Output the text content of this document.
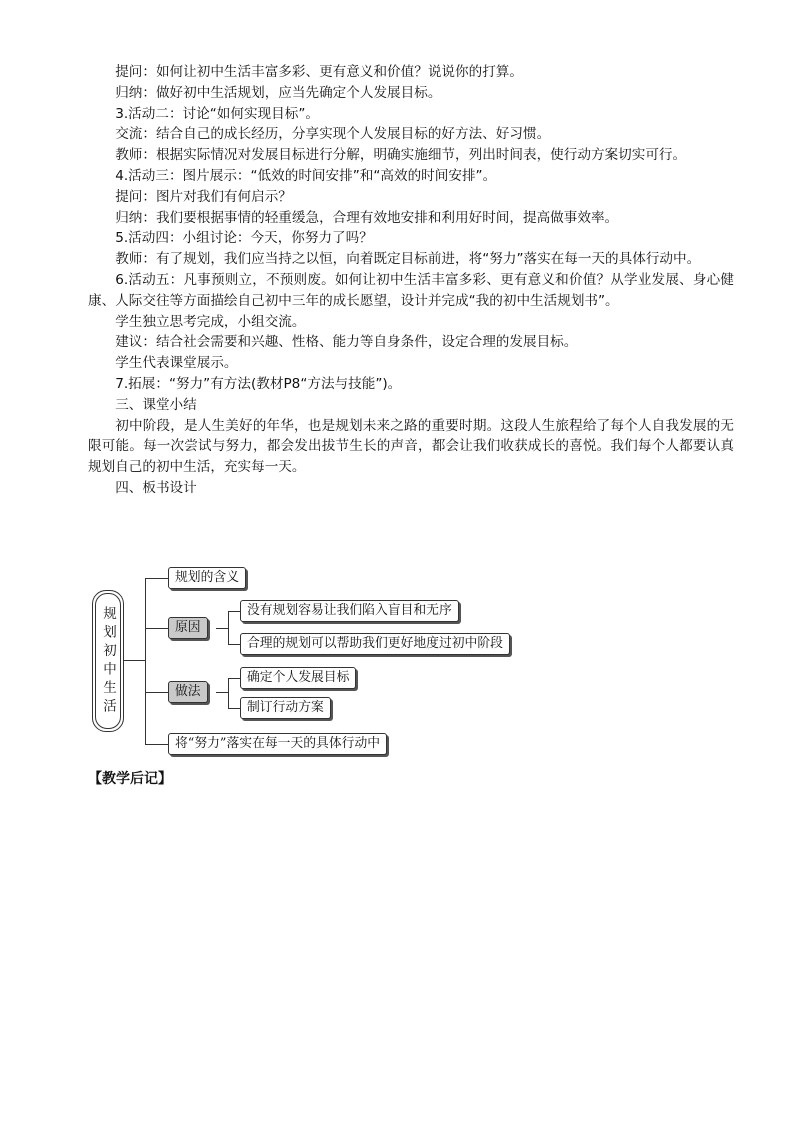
提问：如何让初中生活丰富多彩、更有意义和价值？说说你的打算。

归纳：做好初中生活规划，应当先确定个人发展目标。

3.活动二：讨论“如何实现目标”。

交流：结合自己的成长经历，分享实现个人发展目标的好方法、好习惯。

教师：根据实际情况对发展目标进行分解，明确实施细节，列出时间表，使行动方案切实可行。

4.活动三：图片展示：“低效的时间安排”和“高效的时间安排”。

提问：图片对我们有何启示？

归纳：我们要根据事情的轻重缓急，合理有效地安排和利用好时间，提高做事效率。

5.活动四：小组讨论：今天，你努力了吗？

教师：有了规划，我们应当持之以恒，向着既定目标前进，将“努力”落实在每一天的具体行动中。

6.活动五：凡事预则立，不预则废。如何让初中生活丰富多彩、更有意义和价值？从学业发展、身心健康、人际交往等方面描绘自己初中三年的成长愿望，设计并完成“我的初中生活规划书”。

学生独立思考完成，小组交流。

建议：结合社会需要和兴趣、性格、能力等自身条件，设定合理的发展目标。

学生代表课堂展示。

7.拓展：“努力”有方法(教材P8“方法与技能”)。

三、课堂小结

初中阶段，是人生美好的年华，也是规划未来之路的重要时期。这段人生旅程给了每个人自我发展的无限可能。每一次尝试与努力，都会发出拔节生长的声音，都会让我们收获成长的喜悦。我们每个人都要认真规划自己的初中生活，充实每一天。

四、板书设计

规划初中生活
规划的含义
原因
做法
将“努力”落实在每一天的具体行动中
没有规划容易让我们陷入盲目和无序
合理的规划可以帮助我们更好地度过初中阶段
确定个人发展目标
制订行动方案
【教学后记】
